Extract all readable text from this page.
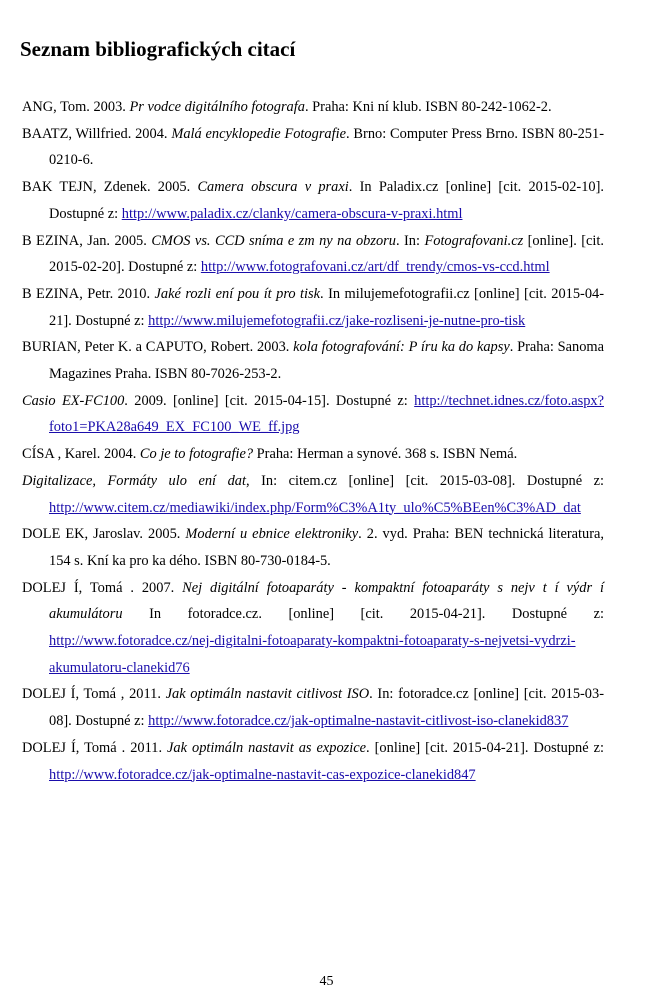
Seznam bibliografických citací

ANG, Tom. 2003. Pr vodce digitálního fotografa. Praha: Kni ní klub. ISBN 80-242-1062-2.

BAATZ, Willfried. 2004. Malá encyklopedie Fotografie. Brno: Computer Press Brno. ISBN 80-251-0210-6.

BAK TEJN, Zdenek. 2005. Camera obscura v praxi. In Paladix.cz [online] [cit. 2015-02-10]. Dostupné z: http://www.paladix.cz/clanky/camera-obscura-v-praxi.html

B EZINA, Jan. 2005. CMOS vs. CCD sníma e zm ny na obzoru. In: Fotografovani.cz [online]. [cit. 2015-02-20]. Dostupné z: http://www.fotografovani.cz/art/df_trendy/cmos-vs-ccd.html

B EZINA, Petr. 2010. Jaké rozli ení pou ít pro tisk. In milujemefotografii.cz [online] [cit. 2015-04-21]. Dostupné z: http://www.milujemefotografii.cz/jake-rozliseni-je-nutne-pro-tisk

BURIAN, Peter K. a CAPUTO, Robert. 2003. kola fotografování: P íru ka do kapsy. Praha: Sanoma Magazines Praha. ISBN 80-7026-253-2.

Casio EX-FC100. 2009. [online] [cit. 2015-04-15]. Dostupné z: http://technet.idnes.cz/foto.aspx?foto1=PKA28a649_EX_FC100_WE_ff.jpg

CÍSA , Karel. 2004. Co je to fotografie? Praha: Herman a synové. 368 s. ISBN Nemá.

Digitalizace, Formáty ulo ení dat, In: citem.cz [online] [cit. 2015-03-08]. Dostupné z: http://www.citem.cz/mediawiki/index.php/Form%C3%A1ty_ulo%C5%BEen%C3%AD_dat

DOLE EK, Jaroslav. 2005. Moderní u ebnice elektroniky. 2. vyd. Praha: BEN technická literatura, 154 s. Kní ka pro ka dého. ISBN 80-730-0184-5.

DOLEJ Í, Tomá . 2007. Nej digitální fotoaparáty - kompaktní fotoaparáty s nejv t í výdr í akumulátoru In fotoradce.cz. [online] [cit. 2015-04-21]. Dostupné z: http://www.fotoradce.cz/nej-digitalni-fotoaparaty-kompaktni-fotoaparaty-s-nejvetsi-vydrzi-akumulatoru-clanekid76

DOLEJ Í, Tomá , 2011. Jak optimáln nastavit citlivost ISO. In: fotoradce.cz [online] [cit. 2015-03-08]. Dostupné z: http://www.fotoradce.cz/jak-optimalne-nastavit-citlivost-iso-clanekid837

DOLEJ Í, Tomá . 2011. Jak optimáln nastavit as expozice. [online] [cit. 2015-04-21]. Dostupné z: http://www.fotoradce.cz/jak-optimalne-nastavit-cas-expozice-clanekid847

45
